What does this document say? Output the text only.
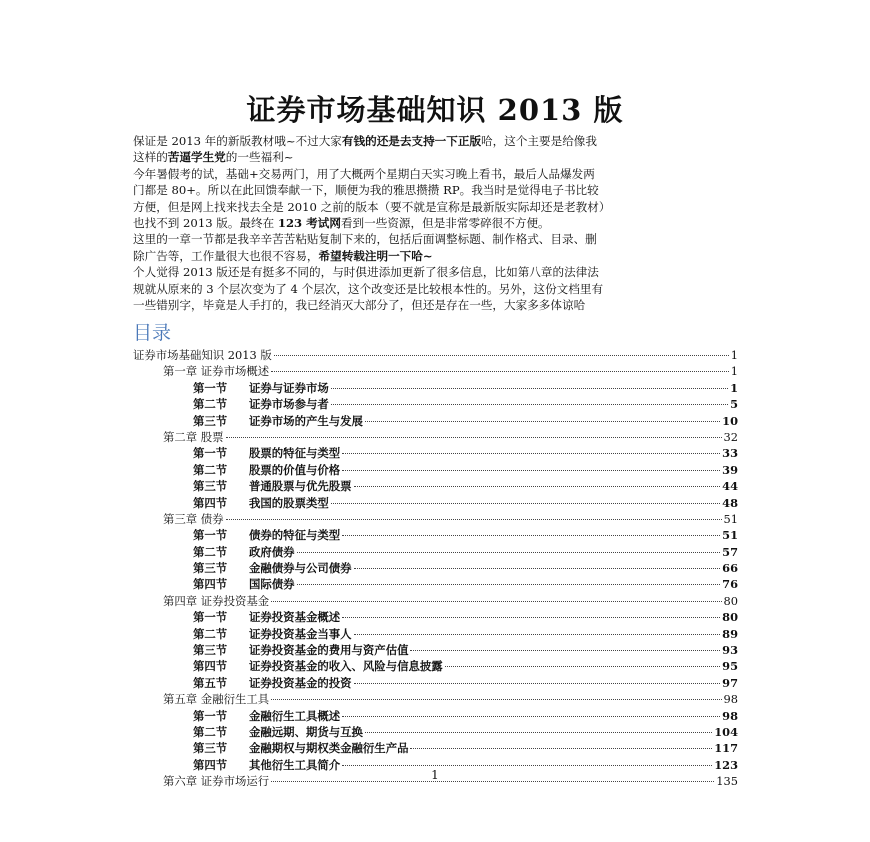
证券市场基础知识 2013 版

保证是 2013 年的新版教材哦~不过大家有钱的还是去支持一下正版哈，这个主要是给像我

这样的苦逼学生党的一些福利~

今年暑假考的试，基础+交易两门，用了大概两个星期白天实习晚上看书，最后人品爆发两

门都是 80+。所以在此回馈奉献一下，顺便为我的雅思攒攒 RP。我当时是觉得电子书比较

方便，但是网上找来找去全是 2010 之前的版本（要不就是宣称是最新版实际却还是老教材）

也找不到 2013 版。最终在 123 考试网看到一些资源，但是非常零碎很不方便。

这里的一章一节都是我辛辛苦苦粘贴复制下来的，包括后面调整标题、制作格式、目录、删

除广告等，工作量很大也很不容易，希望转载注明一下哈~

个人觉得 2013 版还是有挺多不同的，与时俱进添加更新了很多信息，比如第八章的法律法

规就从原来的 3 个层次变为了 4 个层次，这个改变还是比较根本性的。另外，这份文档里有

一些错别字，毕竟是人手打的，我已经消灭大部分了，但还是存在一些，大家多多体谅哈

目录
证券市场基础知识 2013 版	1
第一章 证券市场概述	1
第一节 证券与证券市场	1
第二节 证券市场参与者	5
第三节 证券市场的产生与发展	10
第二章 股票	32
第一节 股票的特征与类型	33
第二节 股票的价值与价格	39
第三节 普通股票与优先股票	44
第四节 我国的股票类型	48
第三章 债券	51
第一节 债券的特征与类型	51
第二节 政府债券	57
第三节 金融债券与公司债券	66
第四节 国际债券	76
第四章 证券投资基金	80
第一节 证券投资基金概述	80
第二节 证券投资基金当事人	89
第三节 证券投资基金的费用与资产估值	93
第四节 证券投资基金的收入、风险与信息披露	95
第五节 证券投资基金的投资	97
第五章 金融衍生工具	98
第一节 金融衍生工具概述	98
第二节 金融远期、期货与互换	104
第三节 金融期权与期权类金融衍生产品	117
第四节 其他衍生工具简介	123
第六章 证券市场运行	135
1
